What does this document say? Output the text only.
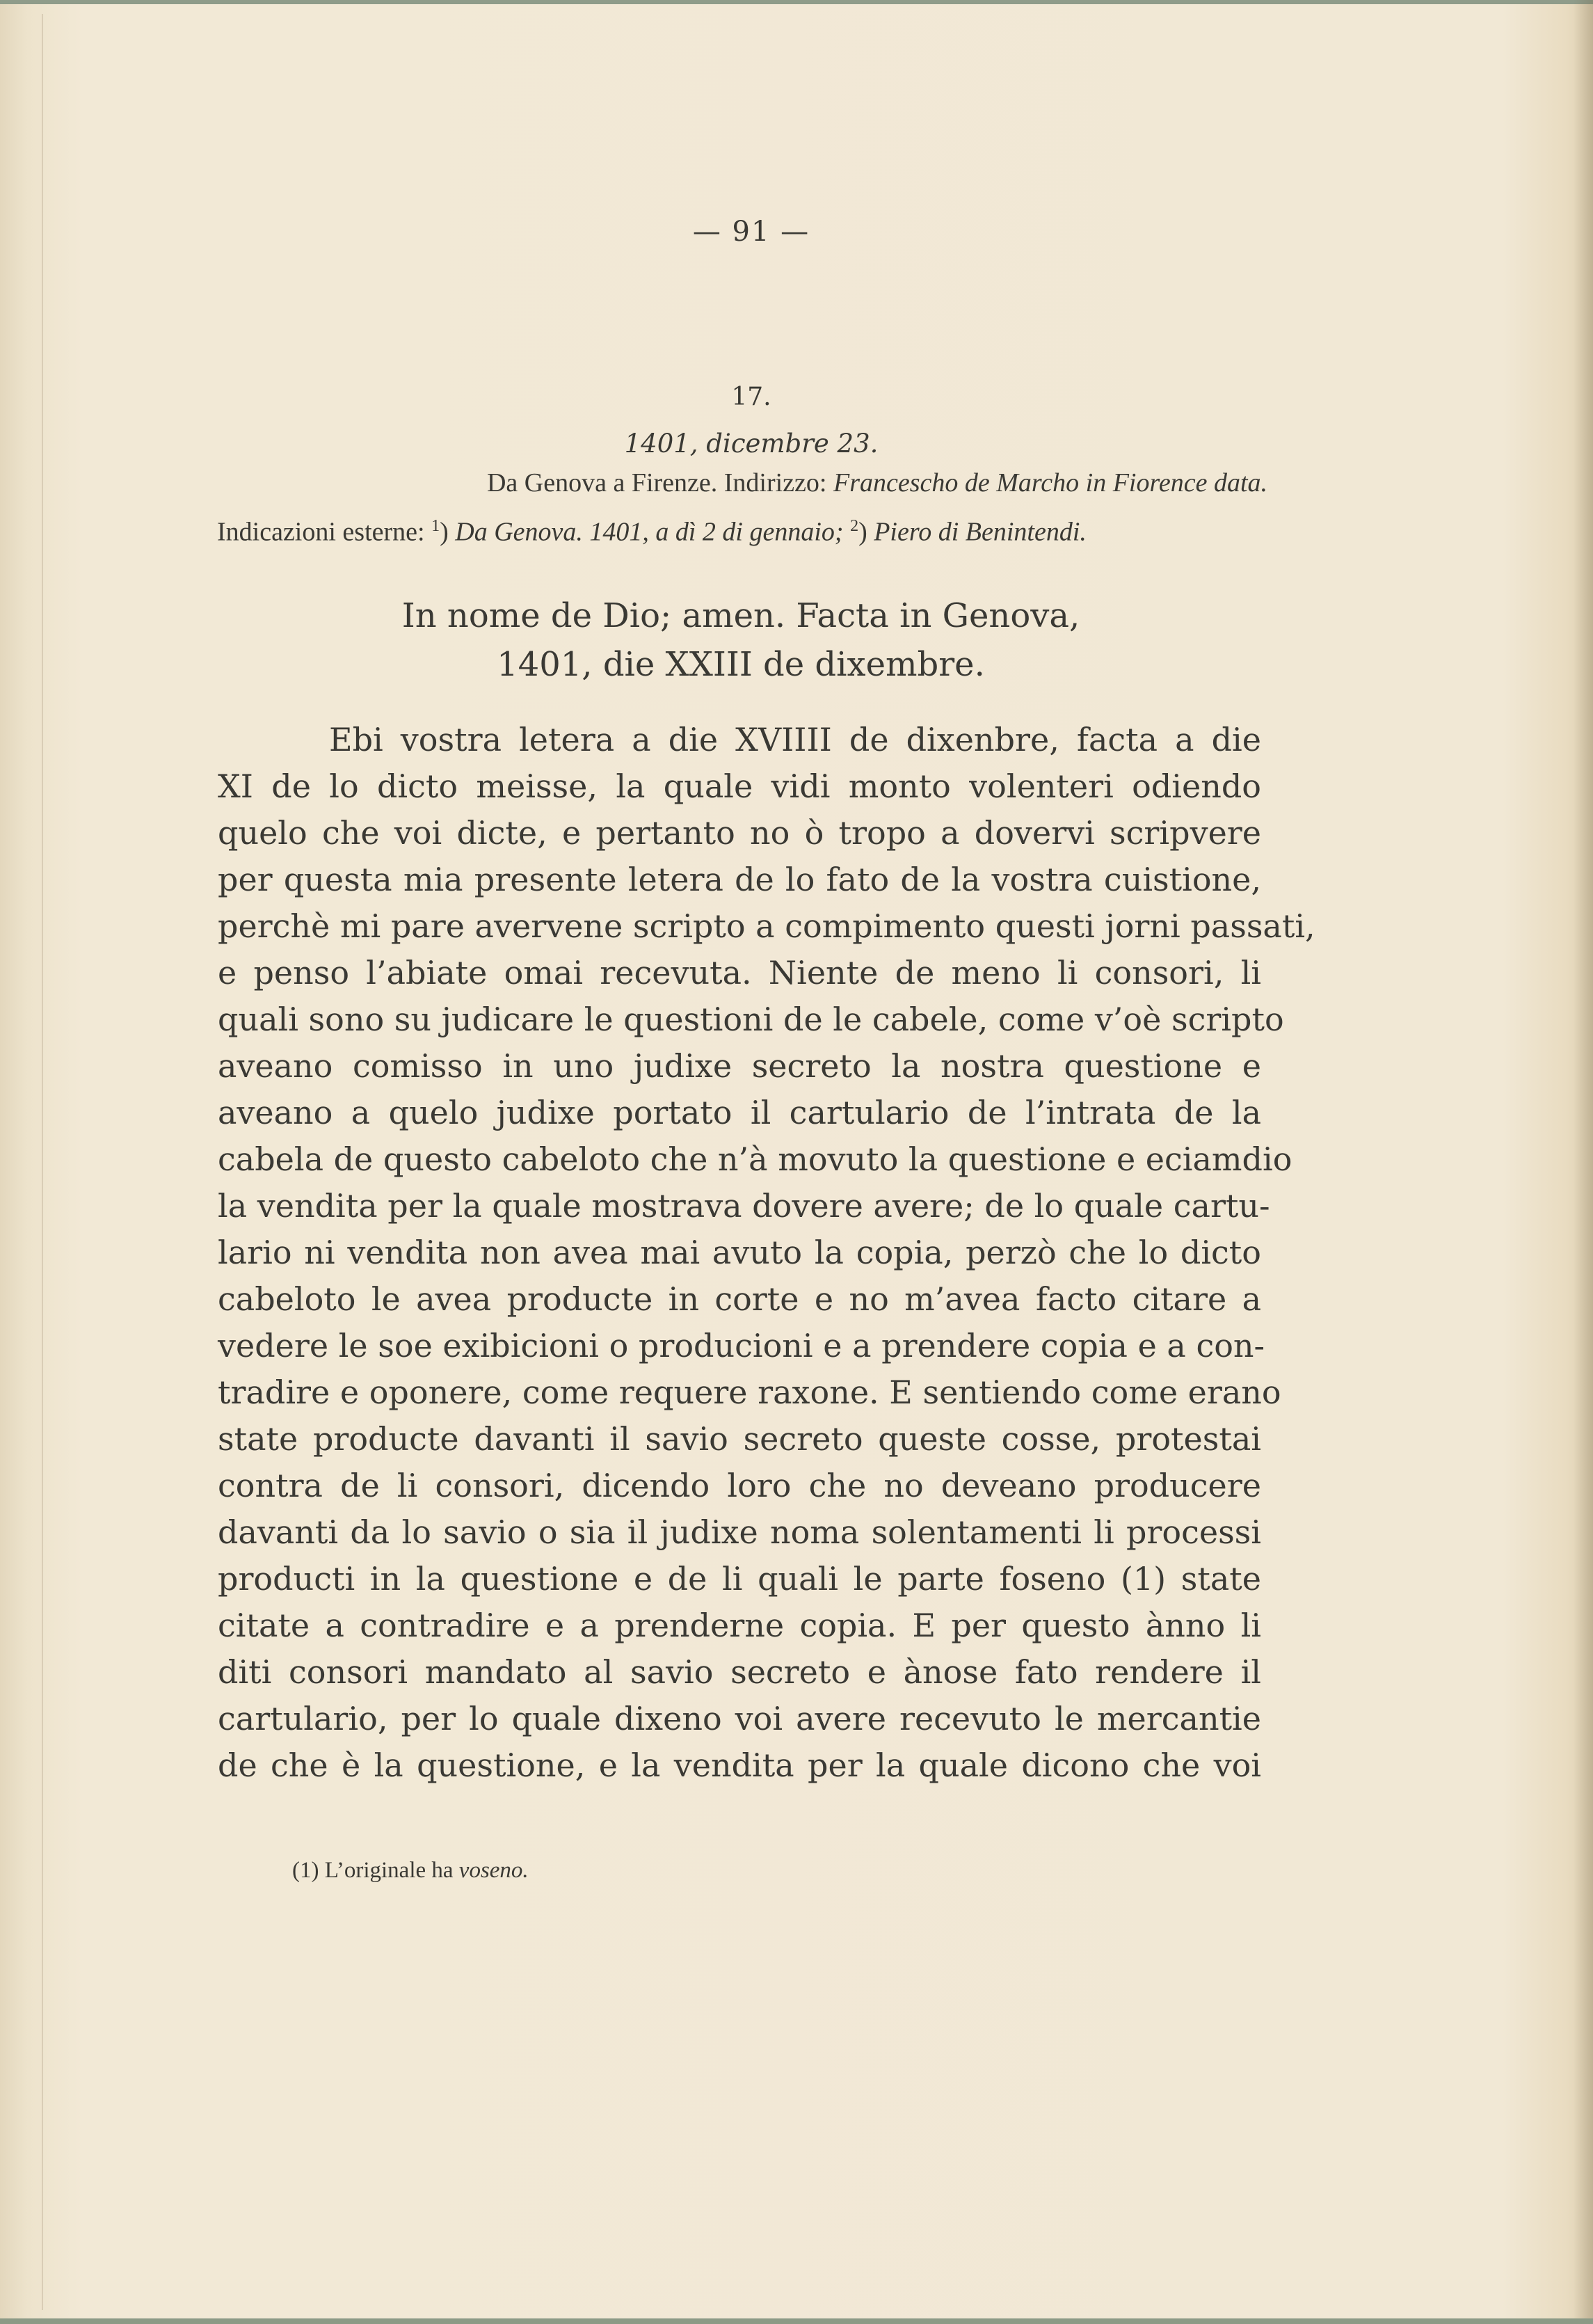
— 91 —
17.
1401, dicembre 23.
Da Genova a Firenze. Indirizzo: Francescho de Marcho in Fiorence data.
Indicazioni esterne: $^1$) Da Genova. 1401, a dì 2 di gennaio; $^2$) Piero di Benintendi.
In nome de Dio; amen. Facta in Genova,
1401, die XXIII de dixembre.
Ebi vostra letera a die XVIIII de dixenbre, facta a die
XI de lo dicto meisse, la quale vidi monto volenteri odiendo
quelo che voi dicte, e pertanto no ò tropo a dovervi scripvere
per questa mia presente letera de lo fato de la vostra cuistione,
perchè mi pare avervene scripto a compimento questi jorni passati,
e penso l’abiate omai recevuta. Niente de meno li consori, li
quali sono su judicare le questioni de le cabele, come v’oè scripto
aveano comisso in uno judixe secreto la nostra questione e
aveano a quelo judixe portato il cartulario de l’intrata de la
cabela de questo cabeloto che n’à movuto la questione e eciamdio
la vendita per la quale mostrava dovere avere; de lo quale cartu-
lario ni vendita non avea mai avuto la copia, perzò che lo dicto
cabeloto le avea producte in corte e no m’avea facto citare a
vedere le soe exibicioni o producioni e a prendere copia e a con-
tradire e oponere, come requere raxone. E sentiendo come erano
state producte davanti il savio secreto queste cosse, protestai
contra de li consori, dicendo loro che no deveano producere
davanti da lo savio o sia il judixe noma solentamenti li processi
producti in la questione e de li quali le parte foseno (1) state
citate a contradire e a prenderne copia. E per questo ànno li
diti consori mandato al savio secreto e ànose fato rendere il
cartulario, per lo quale dixeno voi avere recevuto le mercantie
de che è la questione, e la vendita per la quale dicono che voi
(1) L’originale ha voseno.
